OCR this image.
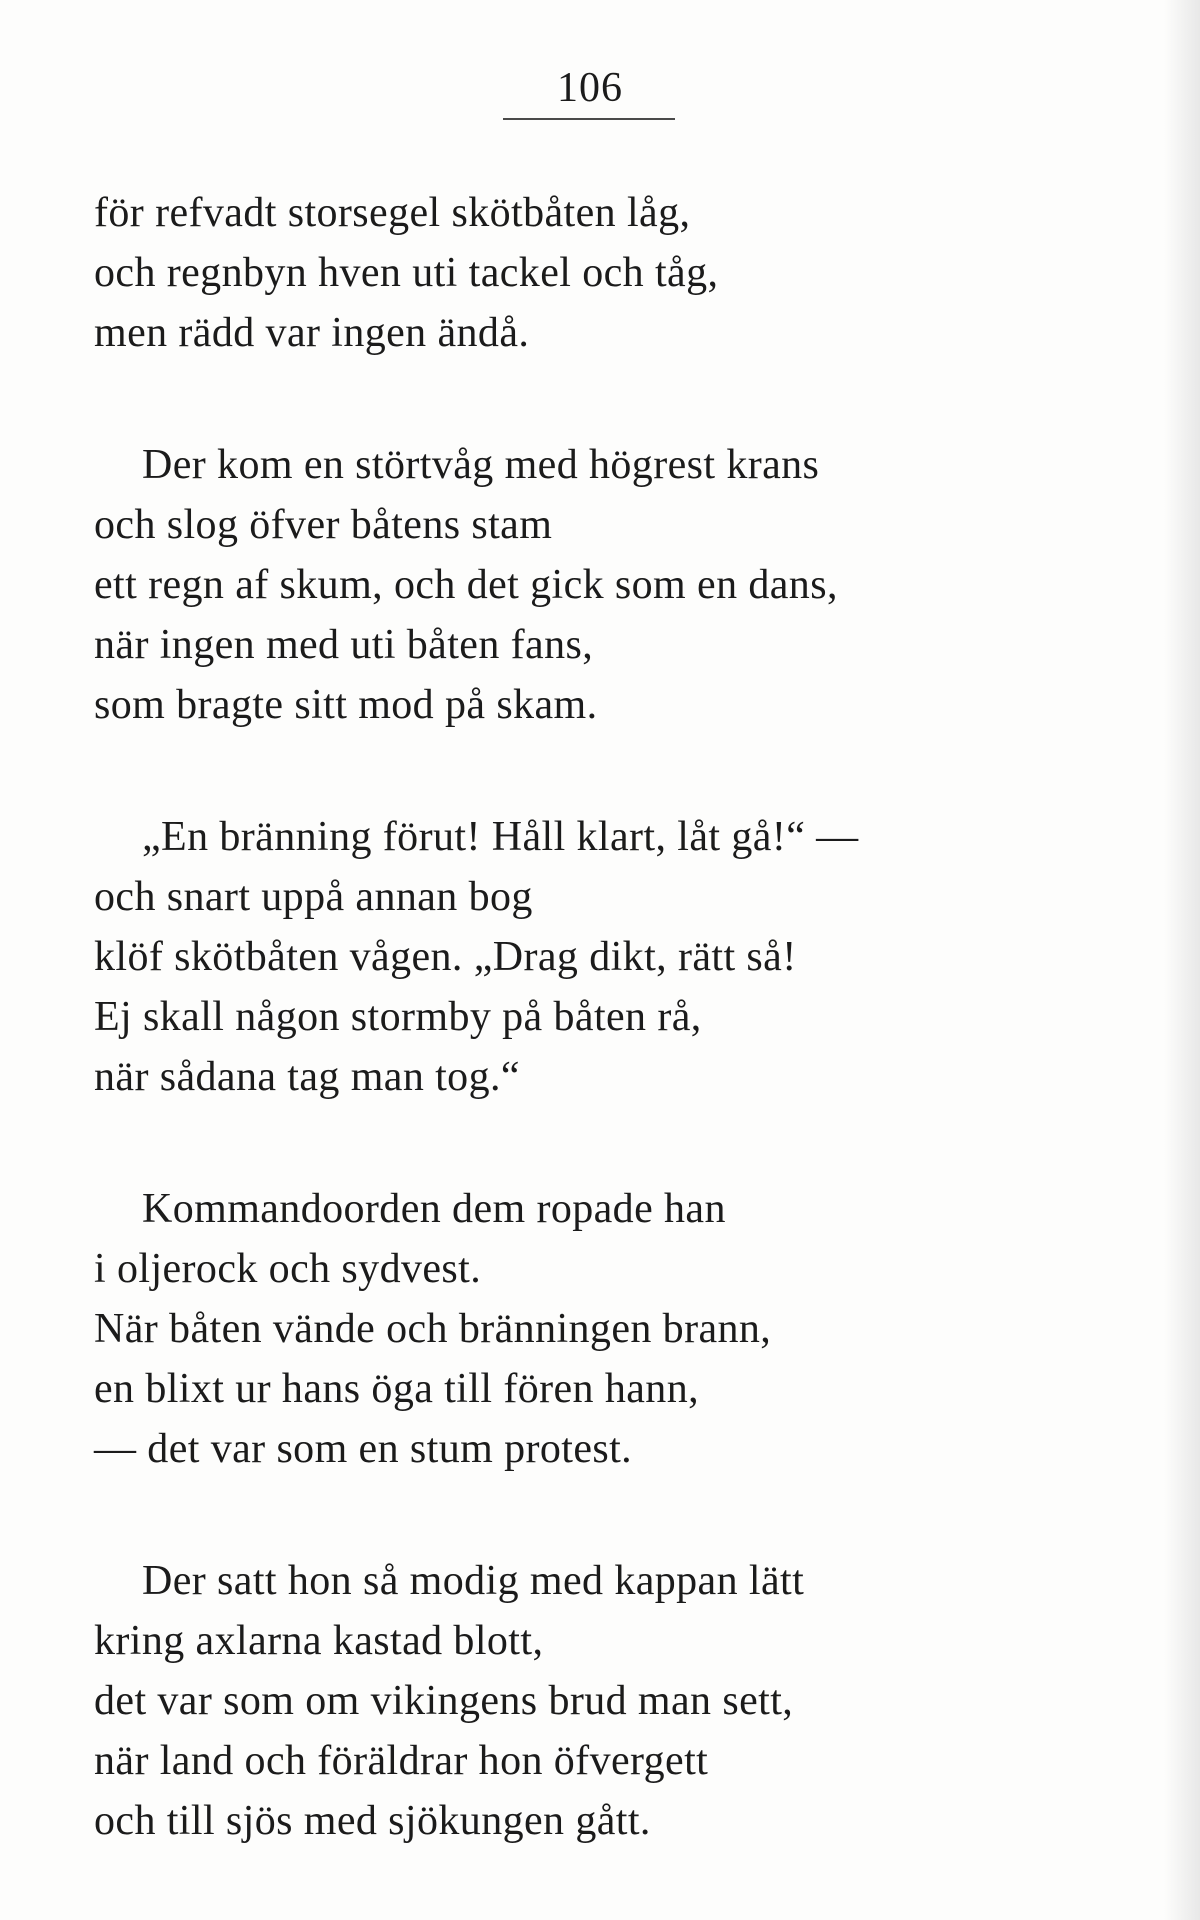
106
för refvadt storsegel skötbåten låg,
och regnbyn hven uti tackel och tåg,
men rädd var ingen ändå.
Der kom en störtvåg med högrest krans
och slog öfver båtens stam
ett regn af skum, och det gick som en dans,
när ingen med uti båten fans,
som bragte sitt mod på skam.
„En bränning förut! Håll klart, låt gå!“ —
och snart uppå annan bog
klöf skötbåten vågen. „Drag dikt, rätt så!
Ej skall någon stormby på båten rå,
när sådana tag man tog.“
Kommandoorden dem ropade han
i oljerock och sydvest.
När båten vände och bränningen brann,
en blixt ur hans öga till fören hann,
— det var som en stum protest.
Der satt hon så modig med kappan lätt
kring axlarna kastad blott,
det var som om vikingens brud man sett,
när land och föräldrar hon öfvergett
och till sjös med sjökungen gått.
